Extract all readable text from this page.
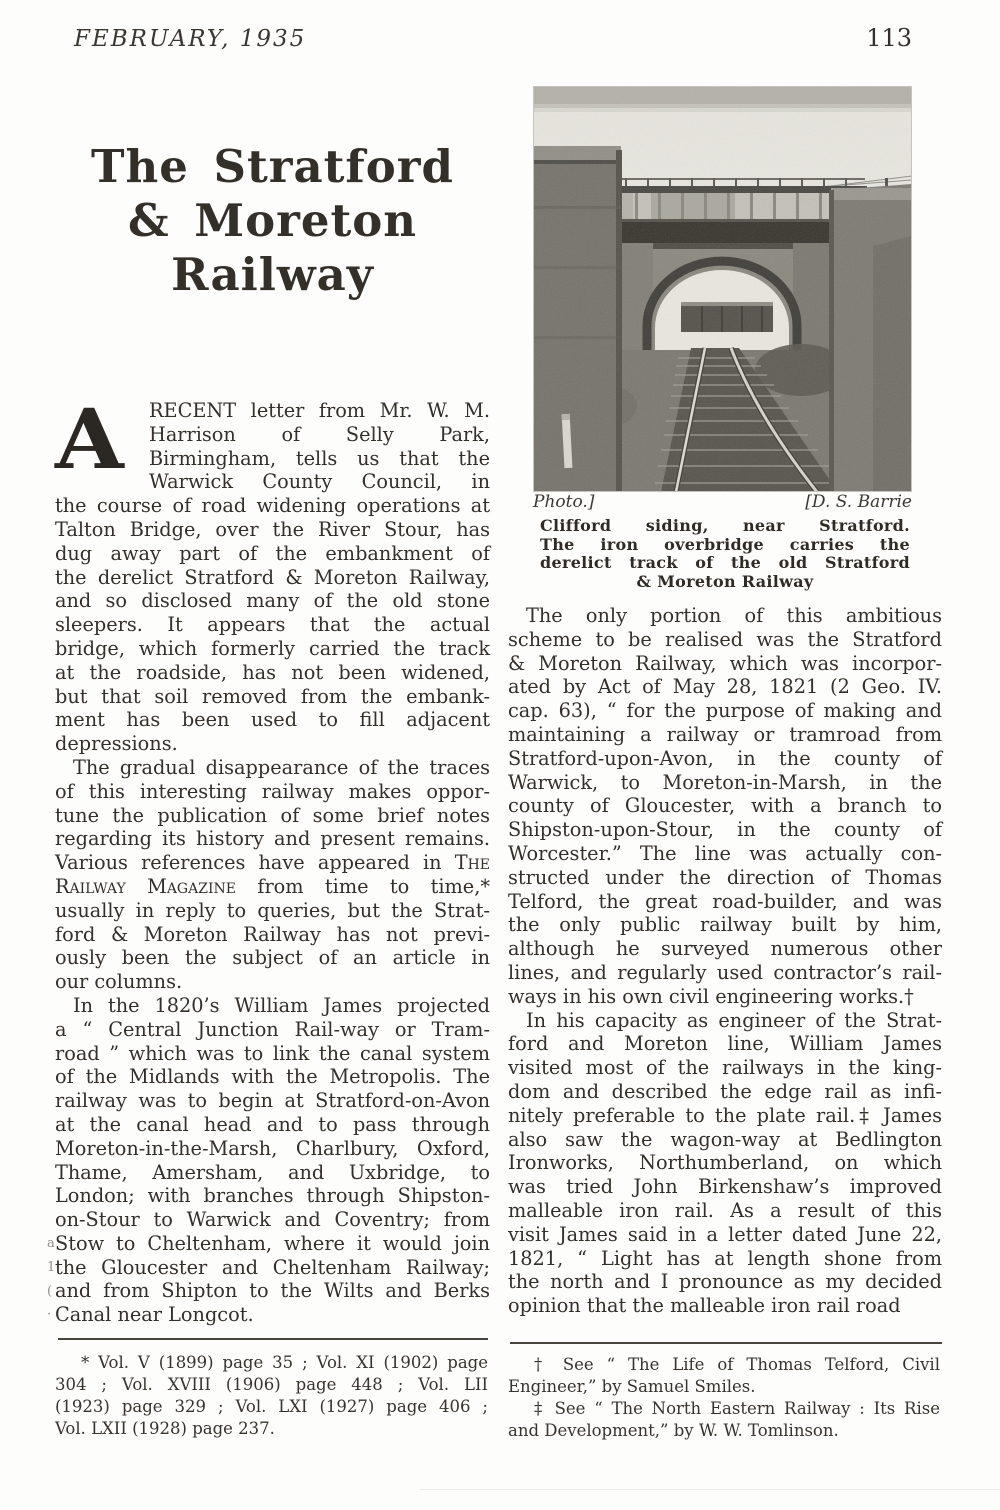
FEBRUARY, 1935	113
The Stratford
& Moreton
Railway
A	RECENT letter from Mr. W. M.
Harrison of Selly Park,
Birmingham, tells us that the
Warwick County Council, in
the course of road widening operations at
Talton Bridge, over the River Stour, has
dug away part of the embankment of
the derelict Stratford & Moreton Railway,
and so disclosed many of the old stone
sleepers. It appears that the actual
bridge, which formerly carried the track
at the roadside, has not been widened,
but that soil removed from the embank-
ment has been used to fill adjacent
depressions.
The gradual disappearance of the traces
of this interesting railway makes oppor-
tune the publication of some brief notes
regarding its history and present remains.
Various references have appeared in The
Railway Magazine from time to time,*
usually in reply to queries, but the Strat-
ford & Moreton Railway has not previ-
ously been the subject of an article in
our columns.
In the 1820’s William James projected
a “ Central Junction Rail-way or Tram-
road ” which was to link the canal system
of the Midlands with the Metropolis. The
railway was to begin at Stratford-on-Avon
at the canal head and to pass through
Moreton-in-the-Marsh, Charlbury, Oxford,
Thame, Amersham, and Uxbridge, to
London; with branches through Shipston-
on-Stour to Warwick and Coventry; from
Stow to Cheltenham, where it would join
the Gloucester and Cheltenham Railway;
and from Shipton to the Wilts and Berks
Canal near Longcot.
* Vol. V (1899) page 35 ; Vol. XI (1902) page
304 ; Vol. XVIII (1906) page 448 ; Vol. LII
(1923) page 329 ; Vol. LXI (1927) page 406 ;
Vol. LXII (1928) page 237.
Photo.]	[D. S. Barrie
Clifford siding, near Stratford.
The iron overbridge carries the
derelict track of the old Stratford
& Moreton Railway
The only portion of this ambitious
scheme to be realised was the Stratford
& Moreton Railway, which was incorpor-
ated by Act of May 28, 1821 (2 Geo. IV.
cap. 63), “ for the purpose of making and
maintaining a railway or tramroad from
Stratford-upon-Avon, in the county of
Warwick, to Moreton-in-Marsh, in the
county of Gloucester, with a branch to
Shipston-upon-Stour, in the county of
Worcester.” The line was actually con-
structed under the direction of Thomas
Telford, the great road-builder, and was
the only public railway built by him,
although he surveyed numerous other
lines, and regularly used contractor’s rail-
ways in his own civil engineering works.†
In his capacity as engineer of the Strat-
ford and Moreton line, William James
visited most of the railways in the king-
dom and described the edge rail as infi-
nitely preferable to the plate rail.‡ James
also saw the wagon-way at Bedlington
Ironworks, Northumberland, on which
was tried John Birkenshaw’s improved
malleable iron rail. As a result of this
visit James said in a letter dated June 22,
1821, “ Light has at length shone from
the north and I pronounce as my decided
opinion that the malleable iron rail road
† See “ The Life of Thomas Telford, Civil
Engineer,” by Samuel Smiles.
‡ See “ The North Eastern Railway : Its Rise
and Development,” by W. W. Tomlinson.
a
1
(
·
